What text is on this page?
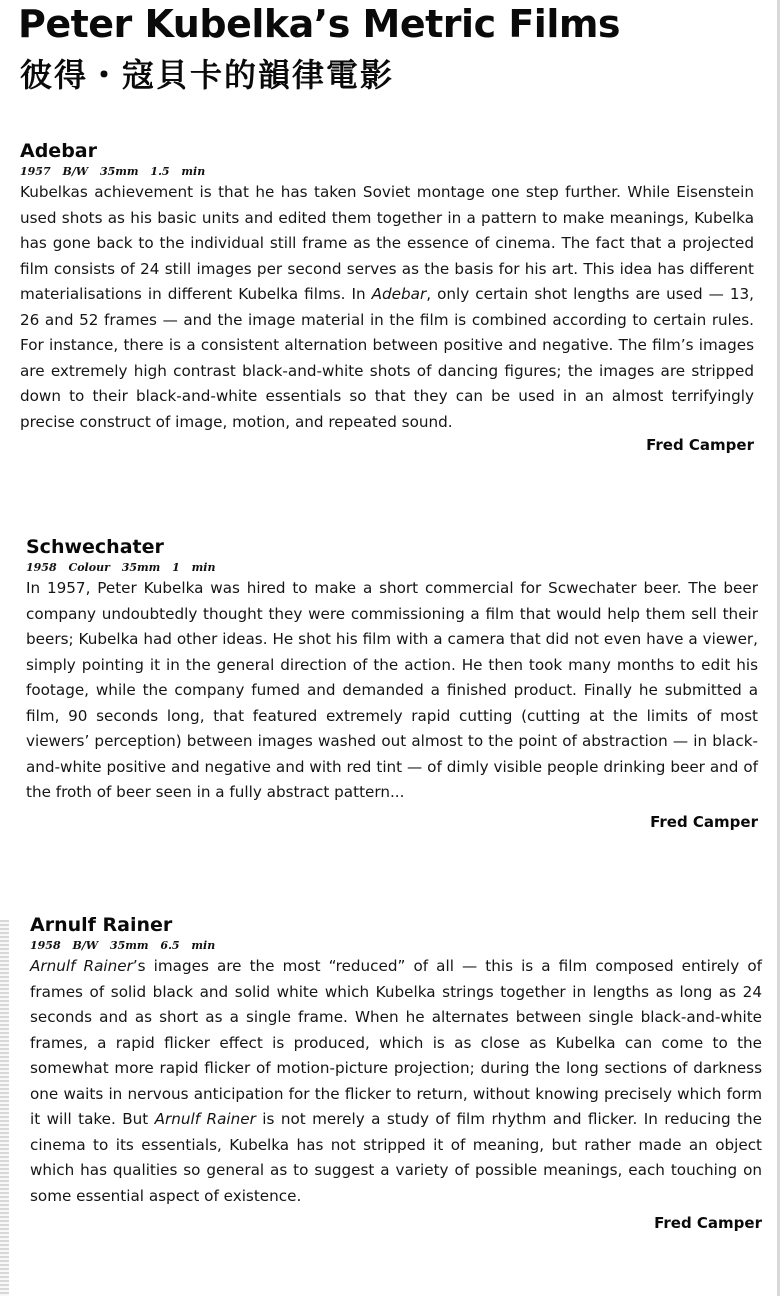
Peter Kubelka’s Metric Films
彼得・寇貝卡的韻律電影
Adebar
1957 B/W 35mm 1.5 min

Kubelkas achievement is that he has taken Soviet montage one step further. While Eisenstein used shots as his basic units and edited them together in a pattern to make meanings, Kubelka has gone back to the individual still frame as the essence of cinema. The fact that a projected film consists of 24 still images per second serves as the basis for his art. This idea has different materialisations in different Kubelka films. In Adebar, only certain shot lengths are used — 13, 26 and 52 frames — and the image material in the film is combined according to certain rules. For instance, there is a consistent alternation between positive and negative. The film’s images are extremely high contrast black-and-white shots of dancing figures; the images are stripped down to their black-and-white essentials so that they can be used in an almost terrifyingly precise construct of image, motion, and repeated sound.

Fred Camper
Schwechater
1958 Colour 35mm 1 min

In 1957, Peter Kubelka was hired to make a short commercial for Scwechater beer. The beer company undoubtedly thought they were commissioning a film that would help them sell their beers; Kubelka had other ideas. He shot his film with a camera that did not even have a viewer, simply pointing it in the general direction of the action. He then took many months to edit his footage, while the company fumed and demanded a finished product. Finally he submitted a film, 90 seconds long, that featured extremely rapid cutting (cutting at the limits of most viewers’ perception) between images washed out almost to the point of abstraction — in black-and-white positive and negative and with red tint — of dimly visible people drinking beer and of the froth of beer seen in a fully abstract pattern...

Fred Camper
Arnulf Rainer
1958 B/W 35mm 6.5 min

Arnulf Rainer’s images are the most “reduced” of all — this is a film composed entirely of frames of solid black and solid white which Kubelka strings together in lengths as long as 24 seconds and as short as a single frame. When he alternates between single black-and-white frames, a rapid flicker effect is produced, which is as close as Kubelka can come to the somewhat more rapid flicker of motion-picture projection; during the long sections of darkness one waits in nervous anticipation for the flicker to return, without knowing precisely which form it will take. But Arnulf Rainer is not merely a study of film rhythm and flicker. In reducing the cinema to its essentials, Kubelka has not stripped it of meaning, but rather made an object which has qualities so general as to suggest a variety of possible meanings, each touching on some essential aspect of existence.

Fred Camper
